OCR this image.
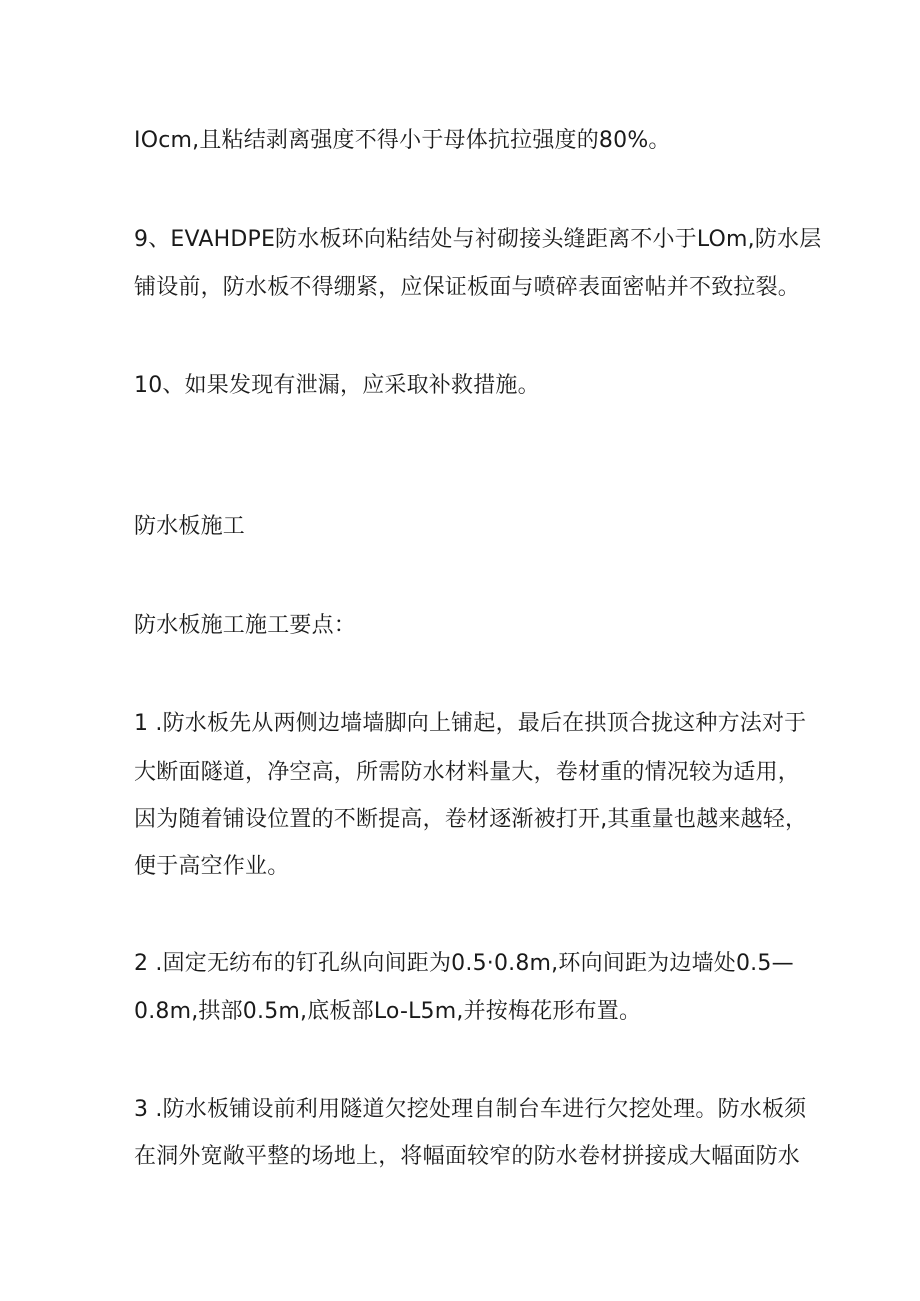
IOcm,且粘结剥离强度不得小于母体抗拉强度的80%。
9、EVAHDPE防水板环向粘结处与衬砌接头缝距离不小于LOm,防水层
铺设前，防水板不得绷紧，应保证板面与喷碎表面密帖并不致拉裂。
10、如果发现有泄漏，应采取补救措施。
防水板施工
防水板施工施工要点：
1 .防水板先从两侧边墙墙脚向上铺起，最后在拱顶合拢这种方法对于
大断面隧道，净空高，所需防水材料量大，卷材重的情况较为适用，
因为随着铺设位置的不断提高，卷材逐渐被打开,其重量也越来越轻，
便于高空作业。
2 .固定无纺布的钉孔纵向间距为0.5·0.8m,环向间距为边墙处0.5—
0.8m,拱部0.5m,底板部Lo-L5m,并按梅花形布置。
3 .防水板铺设前利用隧道欠挖处理自制台车进行欠挖处理。防水板须
在洞外宽敞平整的场地上，将幅面较窄的防水卷材拼接成大幅面防水
